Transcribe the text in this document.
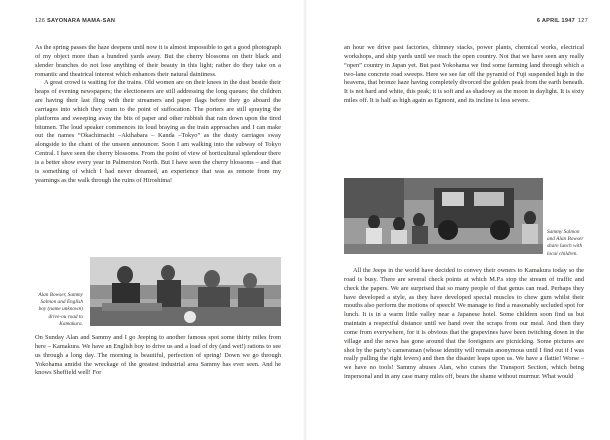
126 SAYONARA MAMA-SAN

As the spring passes the haze deepens until now it is almost impossible to get a good photograph of my object more than a hundred yards away. But the cherry blossoms on their black and slender branches do not lose anything of their beauty in this light; rather do they take on a romantic and theatrical interest which enhances their natural daintiness.

A great crowd is waiting for the trains. Old women are on their knees in the dust beside their heaps of evening newspapers; the electioneers are still addressing the long queues; the children are having their last fling with their streamers and paper flags before they go aboard the carriages into which they cram to the point of suffocation. The porters are still spraying the platforms and sweeping away the bits of paper and other rubbish that rain down upon the tired bitumen. The loud speaker commences its loud braying as the train approaches and I can make out the names “Okachimachi –Akihabara – Kanda –Tokyo” as the dusty carriages sway alongside to the chant of the unseen announcer. Soon I am walking into the subway of Tokyo Central. I have seen the cherry blossoms. From the point of view of horticultural splendour there is a better show every year in Palmerston North. But I have seen the cherry blossoms – and that is something of which I had never dreamed, an experience that was as remote from my yearnings as the walk through the ruins of Hiroshima!

Alan Bowser, Sammy Salmon and English boy (name unknown) drive-ou road to Kamakura.

On Sunday Alan and Sammy and I go Jeeping to another famous spot some thirty miles from here – Kamakura. We have an English boy to drive us and a load of dry (and wet!) rations to see us through a long day. The morning is beautiful, perfection of spring! Down we go through Yokohama amidst the wreckage of the greatest industrial area Sammy has ever seen. And he knows Sheffield well! For

6 APRIL 1947 127

an hour we drive past factories, chimney stacks, power plants, chemical works, electrical workshops, and ship yards until we reach the open country. Not that we have seen any really “open” country in Japan yet. But past Yokohama we find some farming land through which a two-lane concrete road sweeps. Here we see far off the pyramid of Fuji suspended high in the heavens, that bronze haze having completely divorced the golden peak from the earth beneath. It is not hard and white, this peak; it is soft and as shadowy as the moon in daylight. It is sixty miles off. It is half as high again as Egmont, and its incline is less severe.

Sammy Salmon and Alan Bowser share lunch with local children.

All the Jeeps in the world have decided to convey their owners to Kamakura today so the road is busy. There are several check points at which M.P.s stop the stream of traffic and check the papers. We are surprised that so many people of that genus can read. Perhaps they have developed a style, as they have developed special muscles to chew gum whilst their mouths also perform the motions of speech! We manage to find a reasonably secluded spot for lunch. It is in a warm little valley near a Japanese hotel. Some children soon find us but maintain a respectful distance until we hand over the scraps from our meal. And then they come from everywhere, for it is obvious that the grapevines have been twitching down in the village and the news has gone around that the foreigners are picnicking. Some pictures are shot by the party’s cameraman (whose identity will remain anonymous until I find out if I was really pulling the right levers) and then the disaster leaps upon us. We have a flattie! Worse – we have no tools! Sammy abuses Alan, who curses the Transport Section, which being impersonal and in any case many miles off, bears the shame without murmur. What would
